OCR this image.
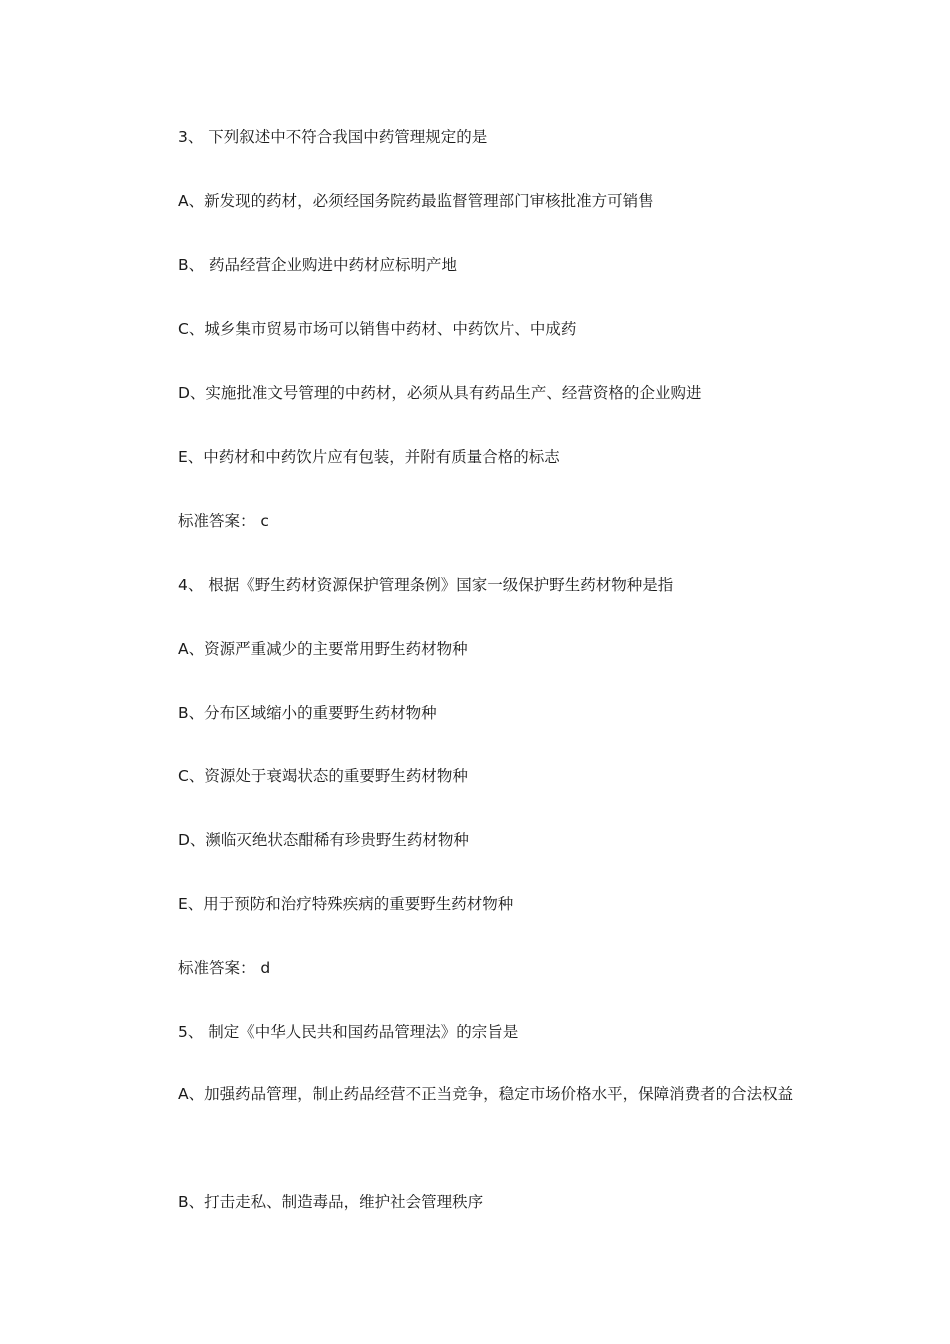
3、 下列叙述中不符合我国中药管理规定的是
A、新发现的药材，必须经国务院药最监督管理部门审核批准方可销售
B、 药品经营企业购进中药材应标明产地
C、城乡集市贸易市场可以销售中药材、中药饮片、中成药
D、实施批准文号管理的中药材，必须从具有药品生产、经营资格的企业购进
E、中药材和中药饮片应有包装，并附有质量合格的标志
标准答案： c
4、 根据《野生药材资源保护管理条例》国家一级保护野生药材物种是指
A、资源严重减少的主要常用野生药材物种
B、分布区域缩小的重要野生药材物种
C、资源处于衰竭状态的重要野生药材物种
D、濒临灭绝状态酣稀有珍贵野生药材物种
E、用于预防和治疗特殊疾病的重要野生药材物种
标准答案： d
5、 制定《中华人民共和国药品管理法》的宗旨是
A、加强药品管理，制止药品经营不正当竞争，稳定市场价格水平，保障消费者的合法权益
B、打击走私、制造毒品，维护社会管理秩序
